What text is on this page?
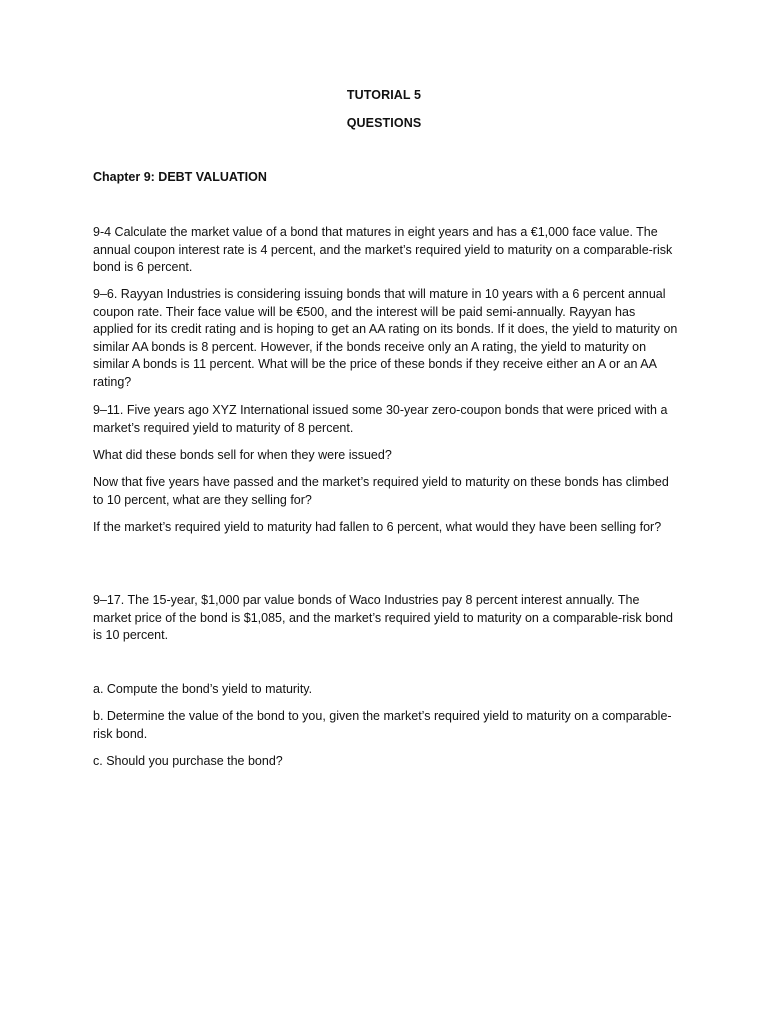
TUTORIAL 5
QUESTIONS
Chapter 9: DEBT VALUATION

9-4 Calculate the market value of a bond that matures in eight years and has a €1,000 face value. The annual coupon interest rate is 4 percent, and the market’s required yield to maturity on a comparable-risk bond is 6 percent.

9–6. Rayyan Industries is considering issuing bonds that will mature in 10 years with a 6 percent annual coupon rate. Their face value will be €500, and the interest will be paid semi-annually. Rayyan has applied for its credit rating and is hoping to get an AA rating on its bonds. If it does, the yield to maturity on similar AA bonds is 8 percent. However, if the bonds receive only an A rating, the yield to maturity on similar A bonds is 11 percent. What will be the price of these bonds if they receive either an A or an AA rating?

9–11. Five years ago XYZ International issued some 30-year zero-coupon bonds that were priced with a market’s required yield to maturity of 8 percent.

What did these bonds sell for when they were issued?

Now that five years have passed and the market’s required yield to maturity on these bonds has climbed to 10 percent, what are they selling for?

If the market’s required yield to maturity had fallen to 6 percent, what would they have been selling for?

9–17. The 15-year, $1,000 par value bonds of Waco Industries pay 8 percent interest annually. The market price of the bond is $1,085, and the market’s required yield to maturity on a comparable-risk bond is 10 percent.

a. Compute the bond’s yield to maturity.

b. Determine the value of the bond to you, given the market’s required yield to maturity on a comparable-risk bond.

c. Should you purchase the bond?
